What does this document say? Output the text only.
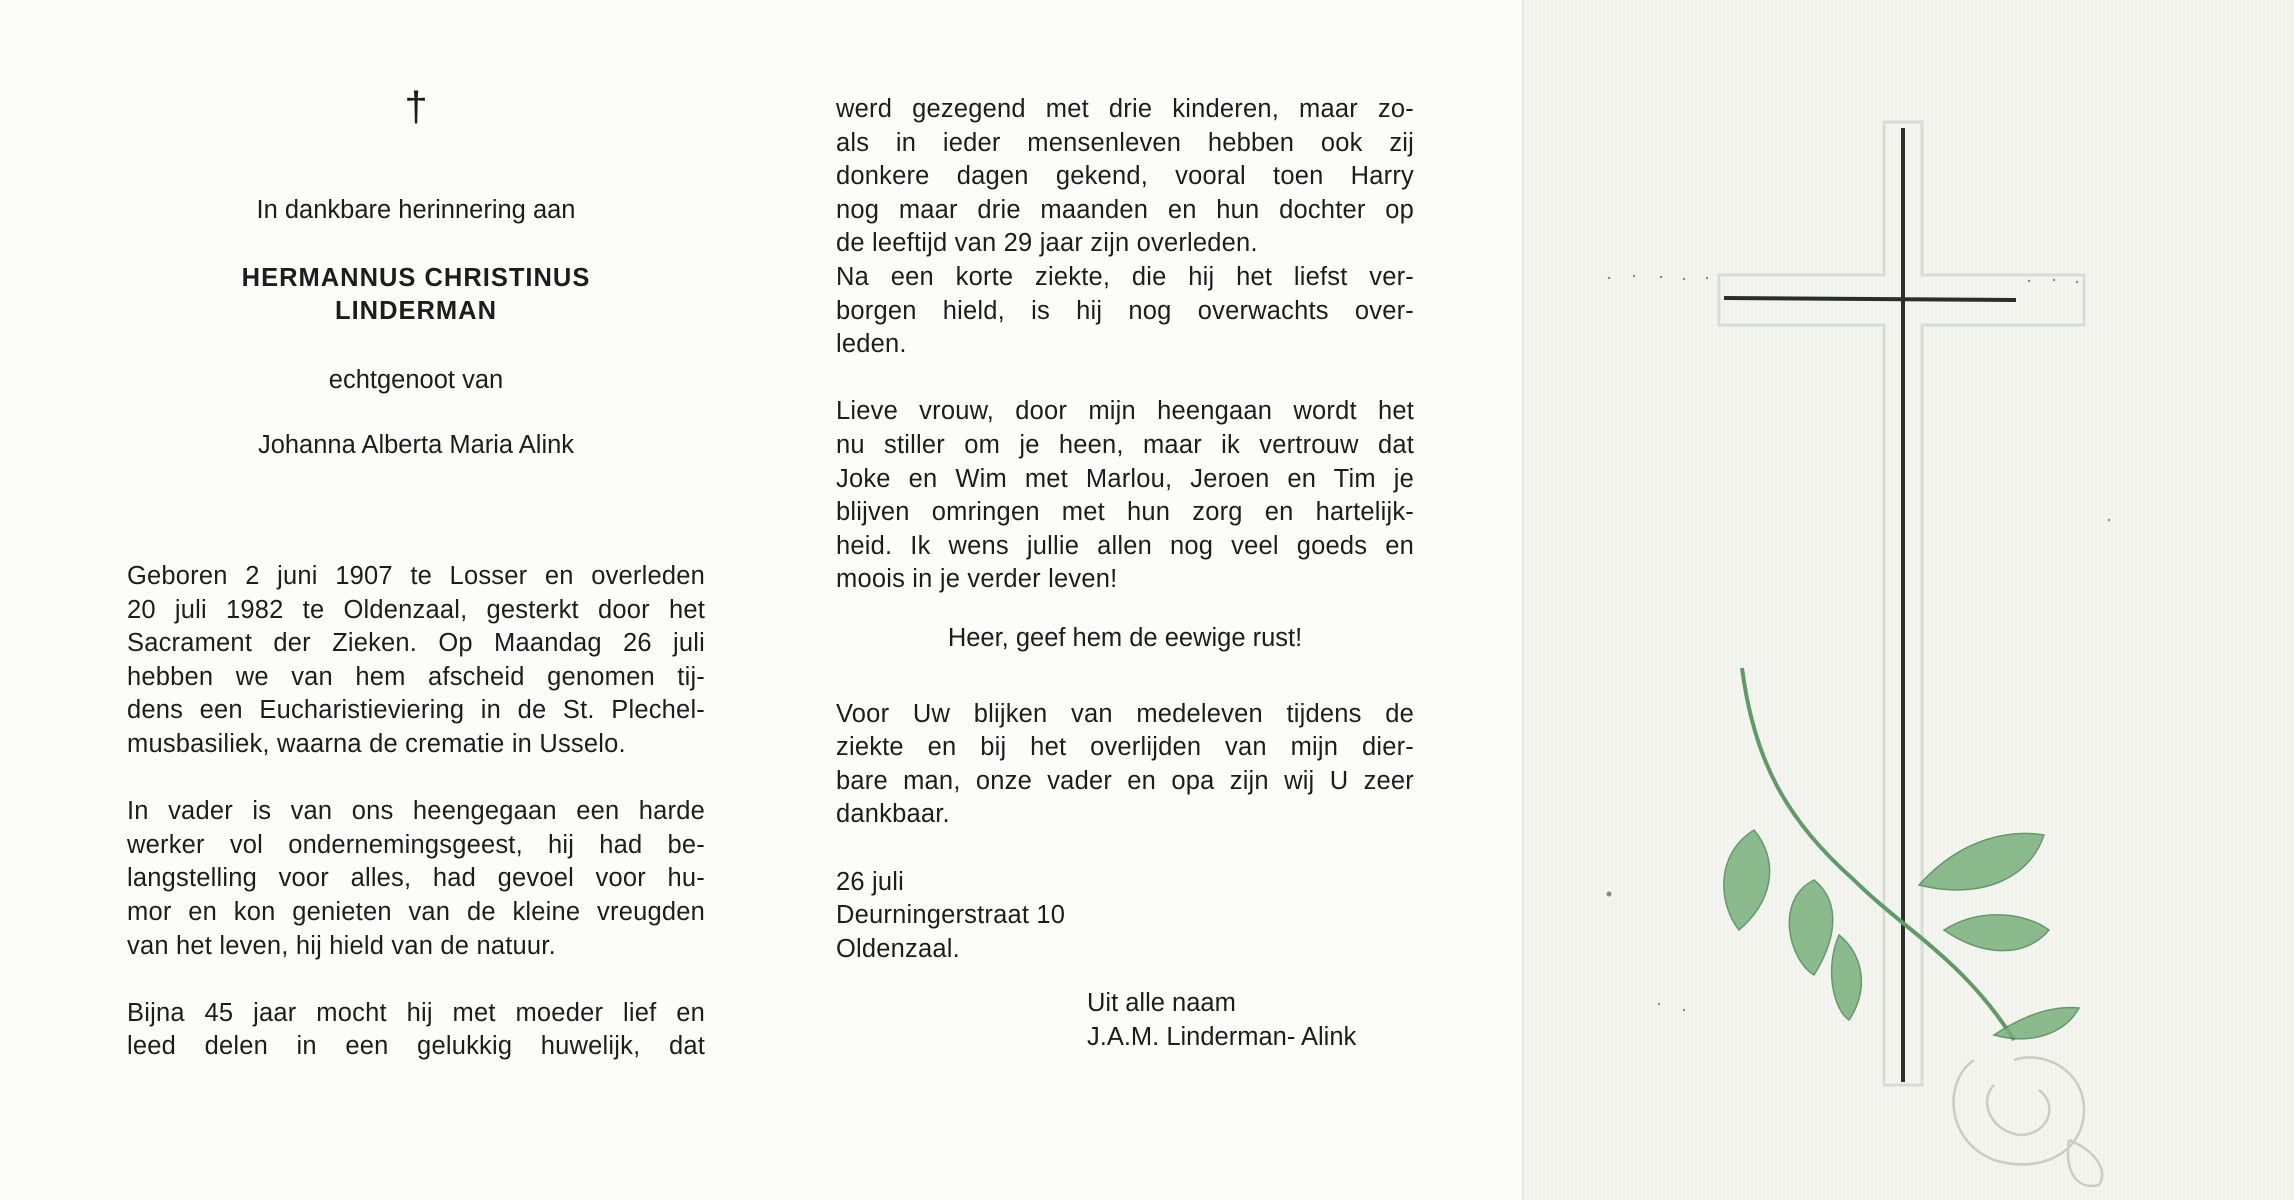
†
In dankbare herinnering aan
HERMANNUS CHRISTINUS
LINDERMAN
echtgenoot van
Johanna Alberta Maria Alink
Geboren 2 juni 1907 te Losser en overleden
20 juli 1982 te Oldenzaal, gesterkt door het
Sacrament der Zieken. Op Maandag 26 juli
hebben we van hem afscheid genomen tij-
dens een Eucharistieviering in de St. Plechel-
musbasiliek, waarna de crematie in Usselo.
In vader is van ons heengegaan een harde
werker vol ondernemingsgeest, hij had be-
langstelling voor alles, had gevoel voor hu-
mor en kon genieten van de kleine vreugden
van het leven, hij hield van de natuur.
Bijna 45 jaar mocht hij met moeder lief en
leed delen in een gelukkig huwelijk, dat
werd gezegend met drie kinderen, maar zo-
als in ieder mensenleven hebben ook zij
donkere dagen gekend, vooral toen Harry
nog maar drie maanden en hun dochter op
de leeftijd van 29 jaar zijn overleden.
Na een korte ziekte, die hij het liefst ver-
borgen hield, is hij nog overwachts over-
leden.
Lieve vrouw, door mijn heengaan wordt het
nu stiller om je heen, maar ik vertrouw dat
Joke en Wim met Marlou, Jeroen en Tim je
blijven omringen met hun zorg en hartelijk-
heid. Ik wens jullie allen nog veel goeds en
moois in je verder leven!
Voor Uw blijken van medeleven tijdens de
ziekte en bij het overlijden van mijn dier-
bare man, onze vader en opa zijn wij U zeer
dankbaar.
26 juli
Deurningerstraat 10
Oldenzaal.
Heer, geef hem de eewige rust!
Uit alle naam
J.A.M. Linderman- Alink
